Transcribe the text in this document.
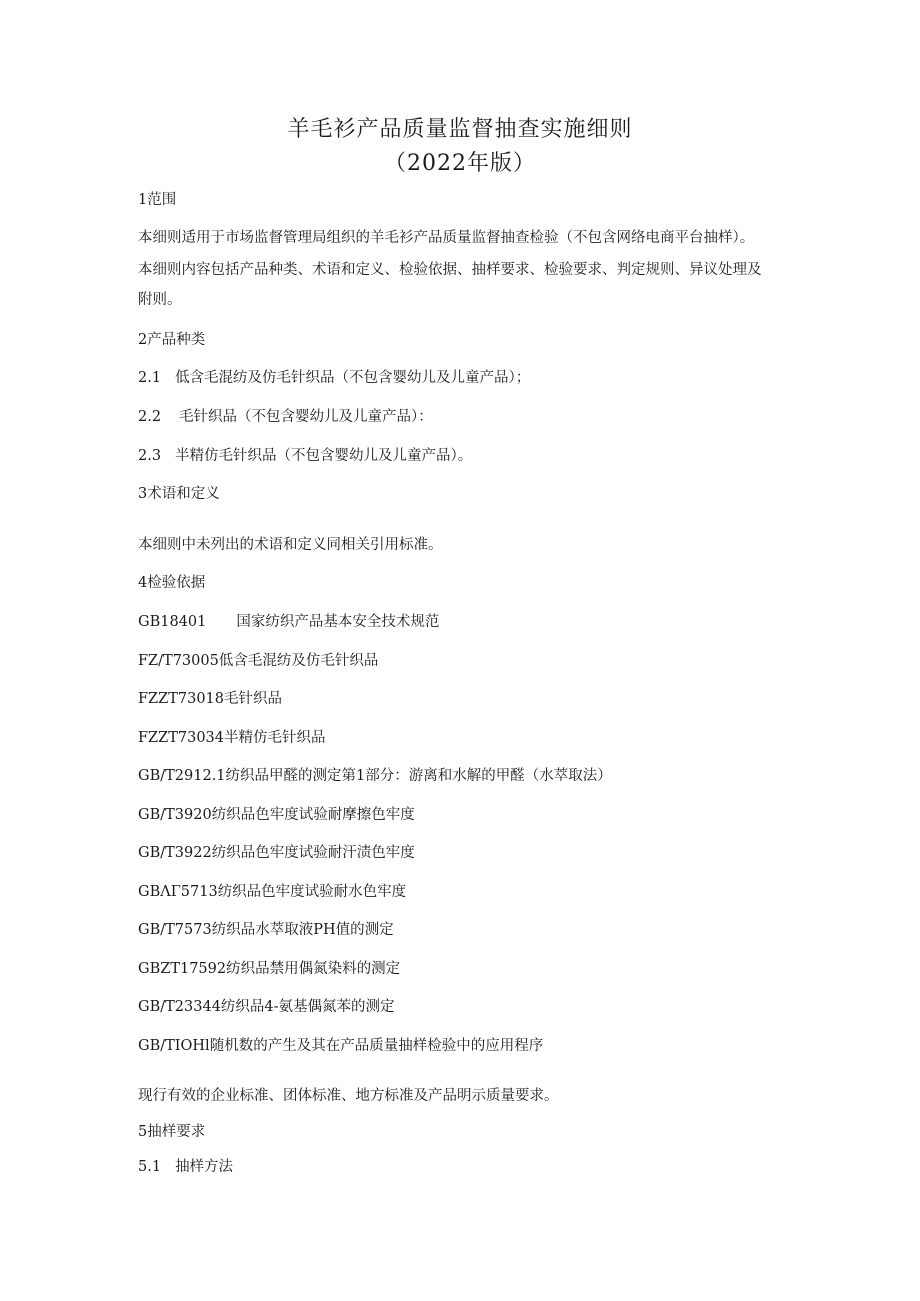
羊毛衫产品质量监督抽查实施细则
（2022年版）
1范围
本细则适用于市场监督管理局组织的羊毛衫产品质量监督抽查检验（不包含网络电商平台抽样）。
本细则内容包括产品种类、术语和定义、检验依据、抽样要求、检验要求、判定规则、异议处理及
附则。
2产品种类
2.1 低含毛混纺及仿毛针织品（不包含婴幼儿及儿童产品）；
2.2 毛针织品（不包含婴幼儿及儿童产品）：
2.3 半精仿毛针织品（不包含婴幼儿及儿童产品）。
3术语和定义
本细则中未列出的术语和定义同相关引用标准。
4检验依据
GB18401 国家纺织产品基本安全技术规范
FZ/T73005低含毛混纺及仿毛针织品
FZZT73018毛针织品
FZZT73034半精仿毛针织品
GB/T2912.1纺织品甲醛的测定第1部分：游离和水解的甲醛（水萃取法）
GB/T3920纺织品色牢度试验耐摩擦色牢度
GB/T3922纺织品色牢度试验耐汗渍色牢度
GBΛΓ5713纺织品色牢度试验耐水色牢度
GB/T7573纺织品水萃取液PH值的测定
GBZT17592纺织品禁用偶氮染料的测定
GB/T23344纺织品4-氨基偶氮苯的测定
GB/TIOHl随机数的产生及其在产品质量抽样检验中的应用程序
现行有效的企业标准、团体标准、地方标准及产品明示质量要求。
5抽样要求
5.1 抽样方法
